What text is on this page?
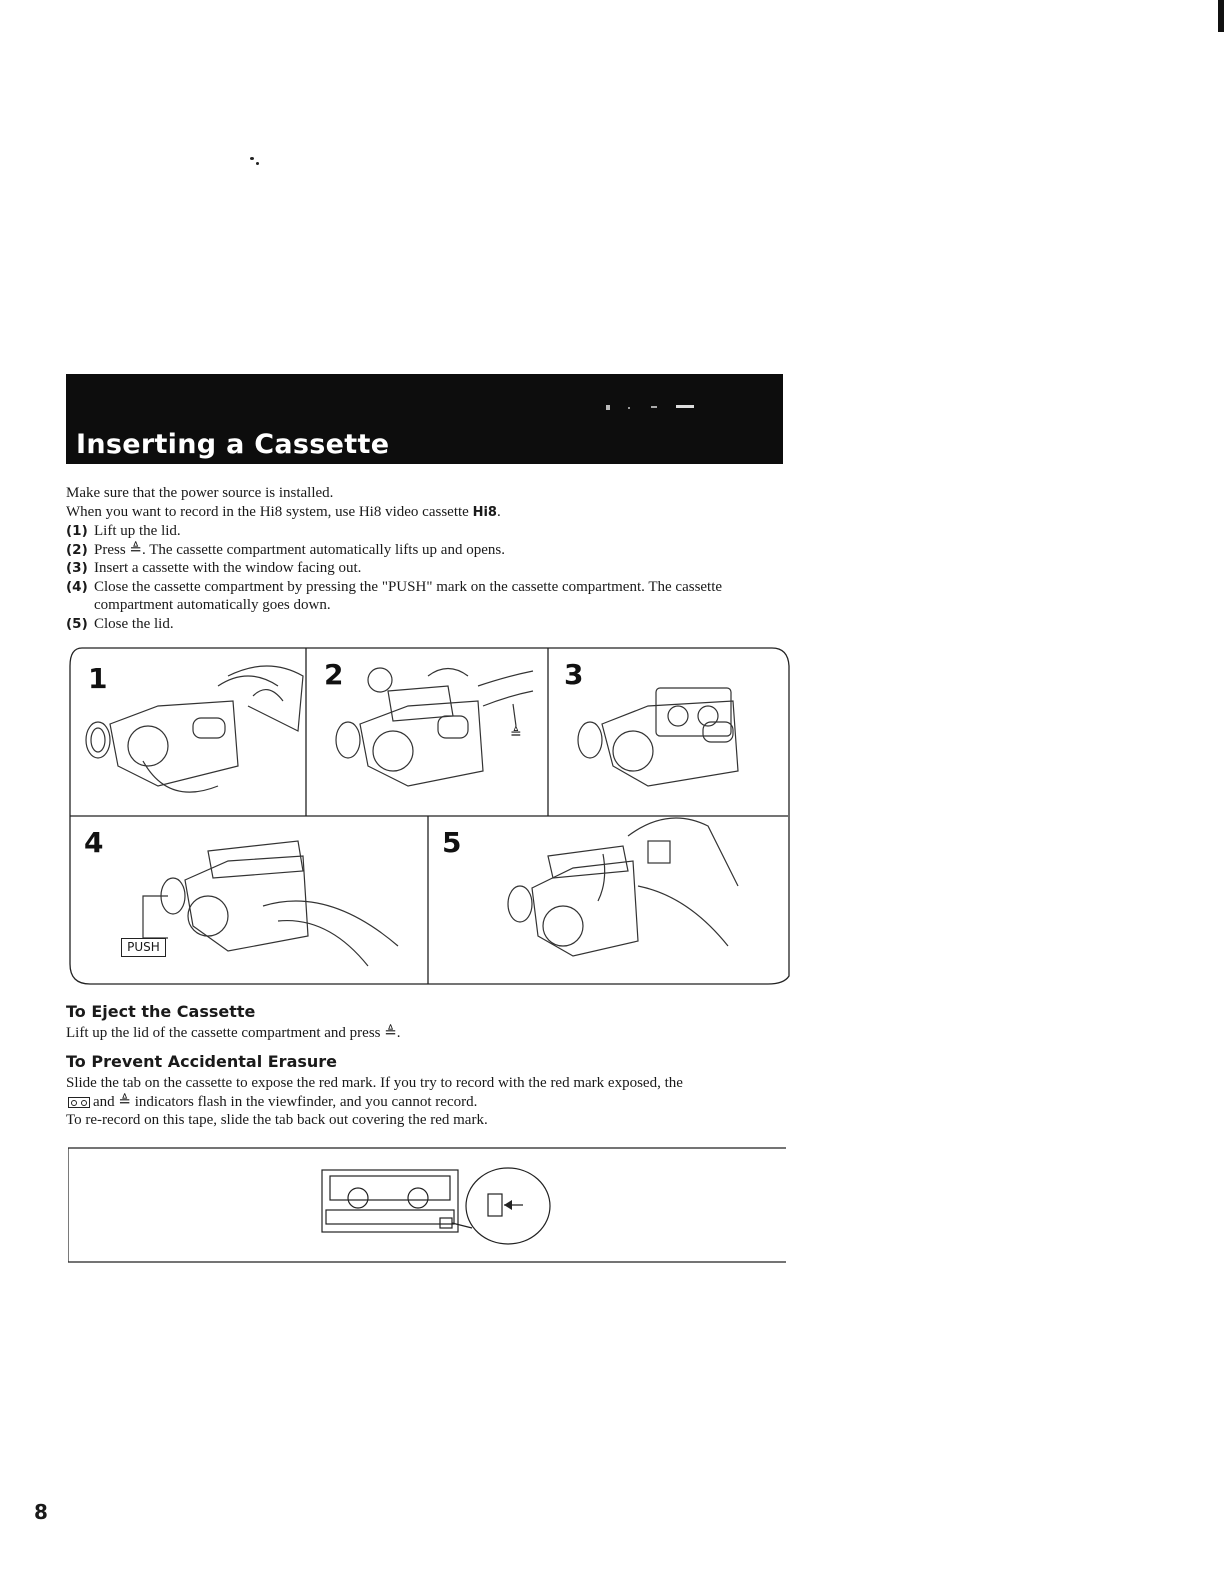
Inserting a Cassette

Make sure that the power source is installed.

When you want to record in the Hi8 system, use Hi8 video cassette Hi8.

(1) Lift up the lid.
(2) Press ≜. The cassette compartment automatically lifts up and opens.
(3) Insert a cassette with the window facing out.
(4) Close the cassette compartment by pressing the "PUSH" mark on the cassette compartment. The cassette compartment automatically goes down.
(5) Close the lid.
1	2	3
4	5
≜
PUSH
To Eject the Cassette

Lift up the lid of the cassette compartment and press ≜.

To Prevent Accidental Erasure
Slide the tab on the cassette to expose the red mark. If you try to record with the red mark exposed, the
and ≜ indicators flash in the viewfinder, and you cannot record.
To re-record on this tape, slide the tab back out covering the red mark.
8
